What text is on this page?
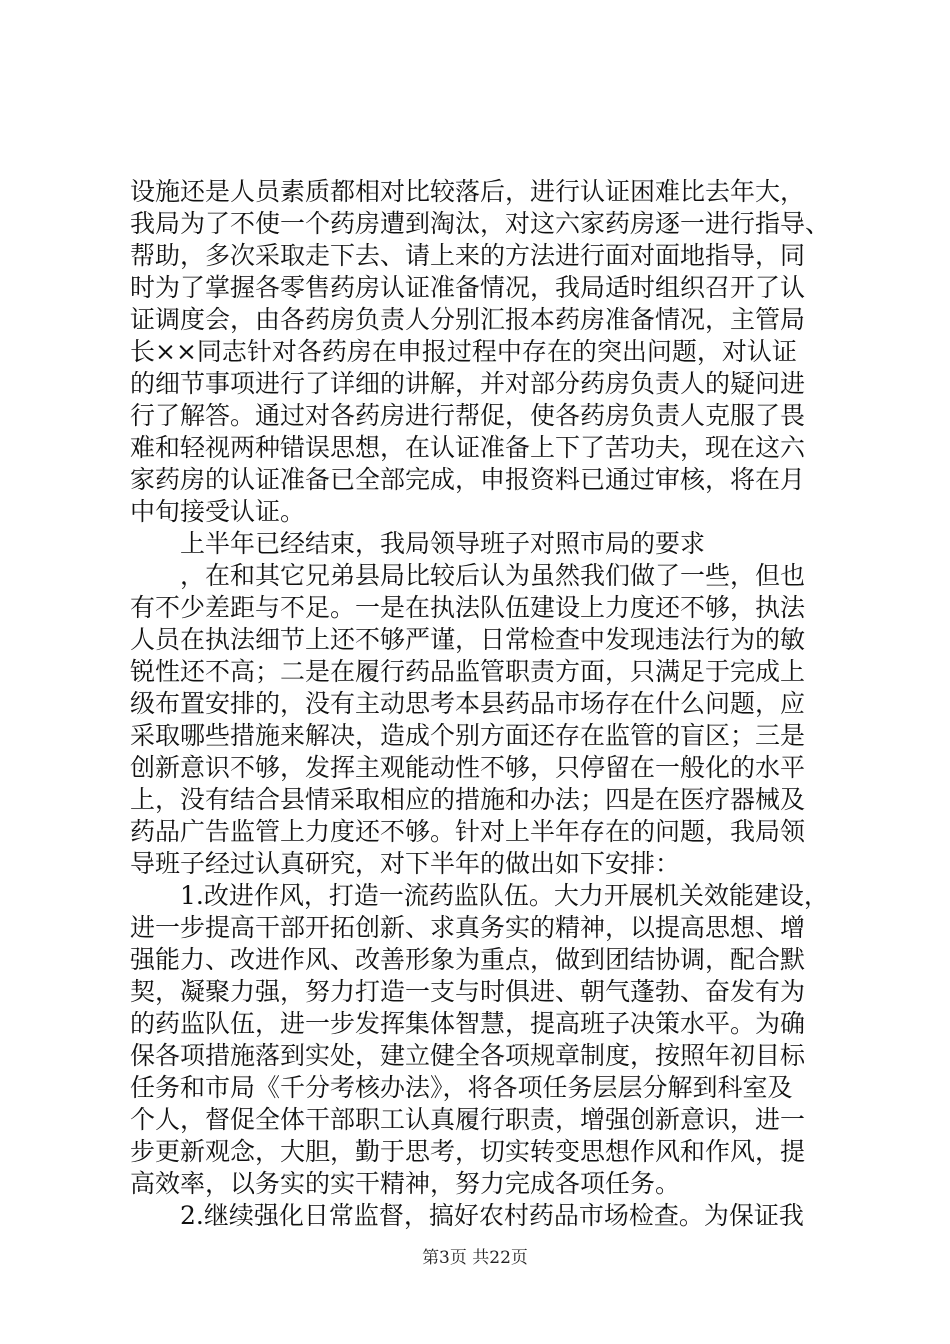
设施还是人员素质都相对比较落后，进行认证困难比去年大，
我局为了不使一个药房遭到淘汰，对这六家药房逐一进行指导、
帮助，多次采取走下去、请上来的方法进行面对面地指导，同
时为了掌握各零售药房认证准备情况，我局适时组织召开了认
证调度会，由各药房负责人分别汇报本药房准备情况，主管局
长××同志针对各药房在申报过程中存在的突出问题，对认证
的细节事项进行了详细的讲解，并对部分药房负责人的疑问进
行了解答。通过对各药房进行帮促，使各药房负责人克服了畏
难和轻视两种错误思想，在认证准备上下了苦功夫，现在这六
家药房的认证准备已全部完成，申报资料已通过审核，将在月
中旬接受认证。
　　上半年已经结束，我局领导班子对照市局的要求
　　，在和其它兄弟县局比较后认为虽然我们做了一些，但也
有不少差距与不足。一是在执法队伍建设上力度还不够，执法
人员在执法细节上还不够严谨，日常检查中发现违法行为的敏
锐性还不高；二是在履行药品监管职责方面，只满足于完成上
级布置安排的，没有主动思考本县药品市场存在什么问题，应
采取哪些措施来解决，造成个别方面还存在监管的盲区；三是
创新意识不够，发挥主观能动性不够，只停留在一般化的水平
上，没有结合县情采取相应的措施和办法；四是在医疗器械及
药品广告监管上力度还不够。针对上半年存在的问题，我局领
导班子经过认真研究，对下半年的做出如下安排：
　　1.改进作风，打造一流药监队伍。大力开展机关效能建设，
进一步提高干部开拓创新、求真务实的精神，以提高思想、增
强能力、改进作风、改善形象为重点，做到团结协调，配合默
契，凝聚力强，努力打造一支与时俱进、朝气蓬勃、奋发有为
的药监队伍，进一步发挥集体智慧，提高班子决策水平。为确
保各项措施落到实处，建立健全各项规章制度，按照年初目标
任务和市局《千分考核办法》，将各项任务层层分解到科室及
个人，督促全体干部职工认真履行职责，增强创新意识，进一
步更新观念，大胆，勤于思考，切实转变思想作风和作风，提
高效率，以务实的实干精神，努力完成各项任务。
　　2.继续强化日常监督，搞好农村药品市场检查。为保证我
第3页 共22页
